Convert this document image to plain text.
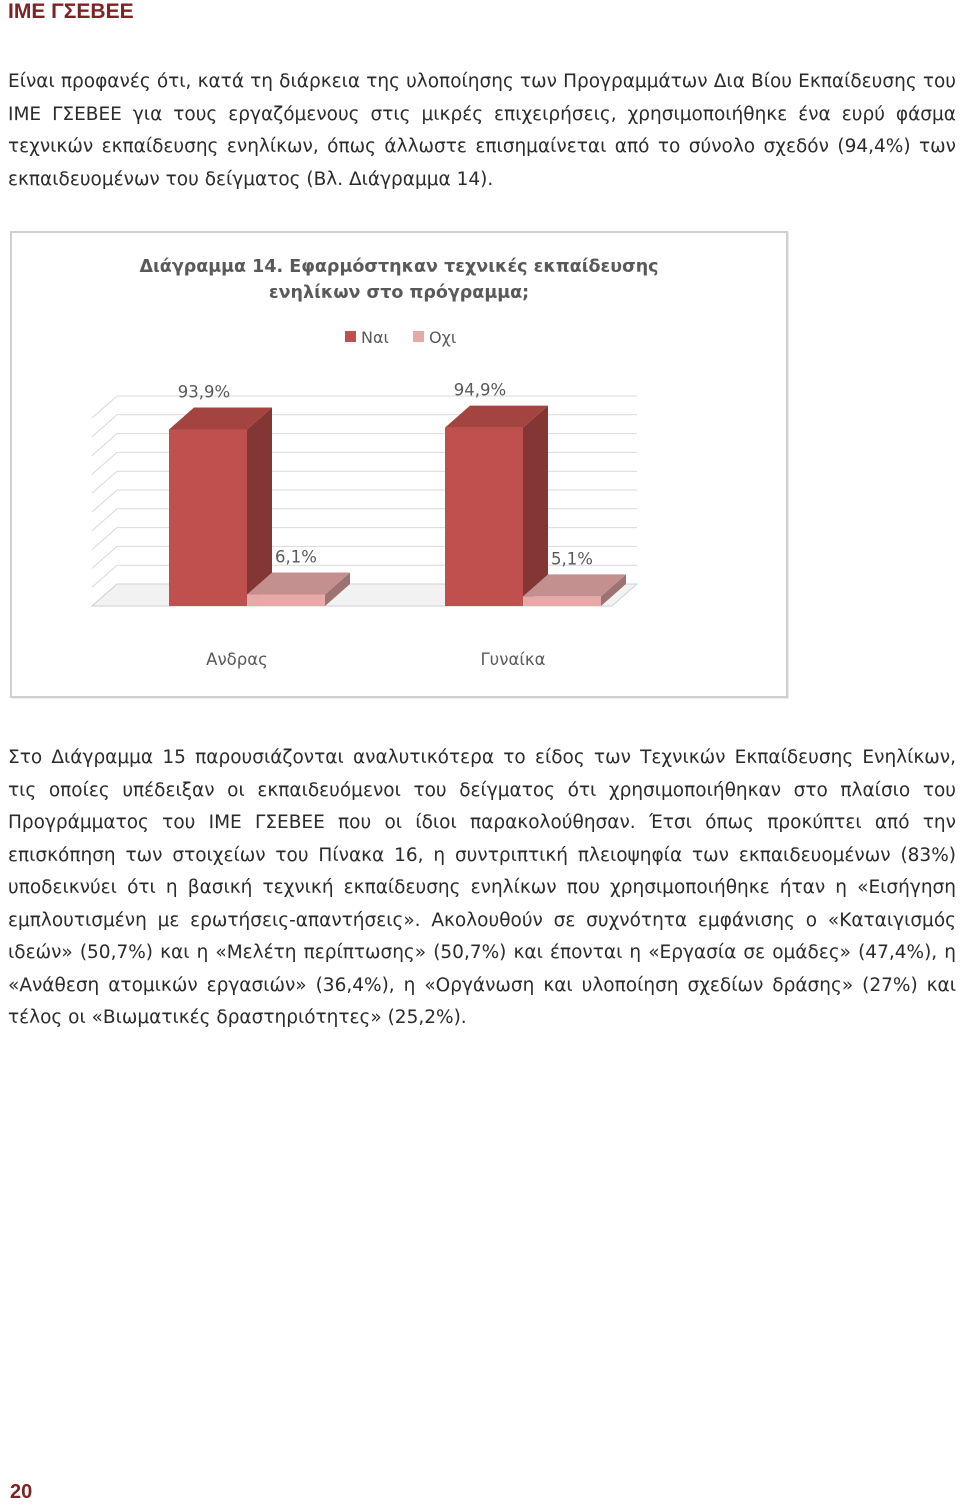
ΙΜΕ ΓΣΕΒΕΕ

Είναι προφανές ότι, κατά τη διάρκεια της υλοποίησης των Προγραμμάτων Δια Βίου Εκπαίδευσης του ΙΜΕ ΓΣΕΒΕΕ για τους εργαζόμενους στις μικρές επιχειρήσεις, χρησιμοποιήθηκε ένα ευρύ φάσμα τεχνικών εκπαίδευσης ενηλίκων, όπως άλλωστε επισημαίνεται από το σύνολο σχεδόν (94,4%) των εκπαιδευομένων του δείγματος (Βλ. Διάγραμμα 14).

Διάγραμμα 14. Εφαρμόστηκαν τεχνικές εκπαίδευσης
ενηλίκων στο πρόγραμμα;
Ναι	Οχι
93,9%
6,1%
Ανδρας
94,9%
5,1%
Γυναίκα

Στο Διάγραμμα 15 παρουσιάζονται αναλυτικότερα το είδος των Τεχνικών Εκπαίδευσης Ενηλίκων, τις οποίες υπέδειξαν οι εκπαιδευόμενοι του δείγματος ότι χρησιμοποιήθηκαν στο πλαίσιο του Προγράμματος του ΙΜΕ ΓΣΕΒΕΕ που οι ίδιοι παρακολούθησαν. Έτσι όπως προκύπτει από την επισκόπηση των στοιχείων του Πίνακα 16, η συντριπτική πλειοψηφία των εκπαιδευομένων (83%) υποδεικνύει ότι η βασική τεχνική εκπαίδευσης ενηλίκων που χρησιμοποιήθηκε ήταν η «Εισήγηση εμπλουτισμένη με ερωτήσεις-απαντήσεις». Ακολουθούν σε συχνότητα εμφάνισης ο «Καταιγισμός ιδεών» (50,7%) και η «Μελέτη περίπτωσης» (50,7%) και έπονται η «Εργασία σε ομάδες» (47,4%), η «Ανάθεση ατομικών εργασιών» (36,4%), η «Οργάνωση και υλοποίηση σχεδίων δράσης» (27%) και τέλος οι «Βιωματικές δραστηριότητες» (25,2%).

20
